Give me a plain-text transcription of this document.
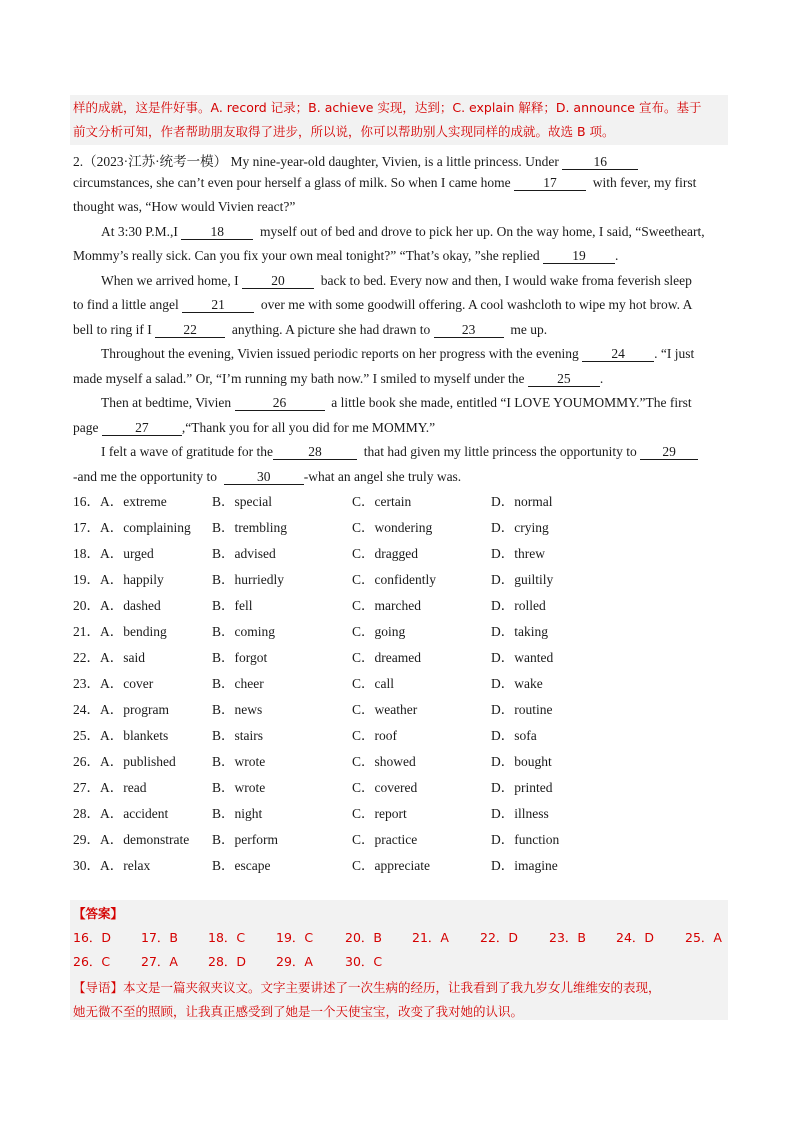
样的成就，这是件好事。A. record 记录；B. achieve 实现，达到；C. explain 解释；D. announce 宣布。基于
前文分析可知，作者帮助朋友取得了进步，所以说，你可以帮助别人实现同样的成就。故选 B 项。
2.（2023·江苏·统考一模） My nine-year-old daughter, Vivien, is a little princess. Under	16
circumstances, she can’t even pour herself a glass of milk. So when I came home 17	with fever, my first
thought was, “How would Vivien react?”
At 3:30 P.M.,I 18	myself out of bed and drove to pick her up. On the way home, I said, “Sweetheart,
Mommy’s really sick. Can you fix your own meal tonight?” “That’s okay, ”she replied 19 .
When we arrived home, I 20	back to bed. Every now and then, I would wake froma feverish sleep
to find a little angel 21	over me with some goodwill offering. A cool washcloth to wipe my hot brow. A
bell to ring if I 22	anything. A picture she had drawn to 23	me up.
Throughout the evening, Vivien issued periodic reports on her progress with the evening 24 . “I just
made myself a salad.” Or, “I’m running my bath now.” I smiled to myself under the 25 .
Then at bedtime, Vivien	26	a little book she made, entitled “I LOVE YOUMOMMY.”The first
page	27 ,“Thank you for all you did for me MOMMY.”
I felt a wave of gratitude for the	28	that had given my little princess the opportunity to 29
-and me the opportunity to	30 -what an angel she truly was.
16．A．extreme	B．special	C．certain	D．normal
17．A．complaining B．trembling	C．wondering	D．crying
18．A．urged	B．advised	C．dragged	D．threw
19．A．happily	B．hurriedly	C．confidently	D．guiltily
20．A．dashed	B．fell	C．marched	D．rolled
21．A．bending	B．coming	C．going	D．taking
22．A．said	B．forgot	C．dreamed	D．wanted
23．A．cover	B．cheer	C．call	D．wake
24．A．program	B．news	C．weather	D．routine
25．A．blankets	B．stairs	C．roof	D．sofa
26．A．published	B．wrote	C．showed	D．bought
27．A．read	B．wrote	C．covered	D．printed
28．A．accident	B．night	C．report	D．illness
29．A．demonstrate B．perform	C．practice	D．function
30．A．relax	B．escape	C．appreciate	D．imagine
【答案】
16．D 17．B 18．C 19．C	20．B 21．A 22．D 23．B 24．D 25．A
26．C 27．A 28．D 29．A	30．C
【导语】本文是一篇夹叙夹议文。文字主要讲述了一次生病的经历，让我看到了我九岁女儿维维安的表现，
她无微不至的照顾，让我真正感受到了她是一个天使宝宝，改变了我对她的认识。
